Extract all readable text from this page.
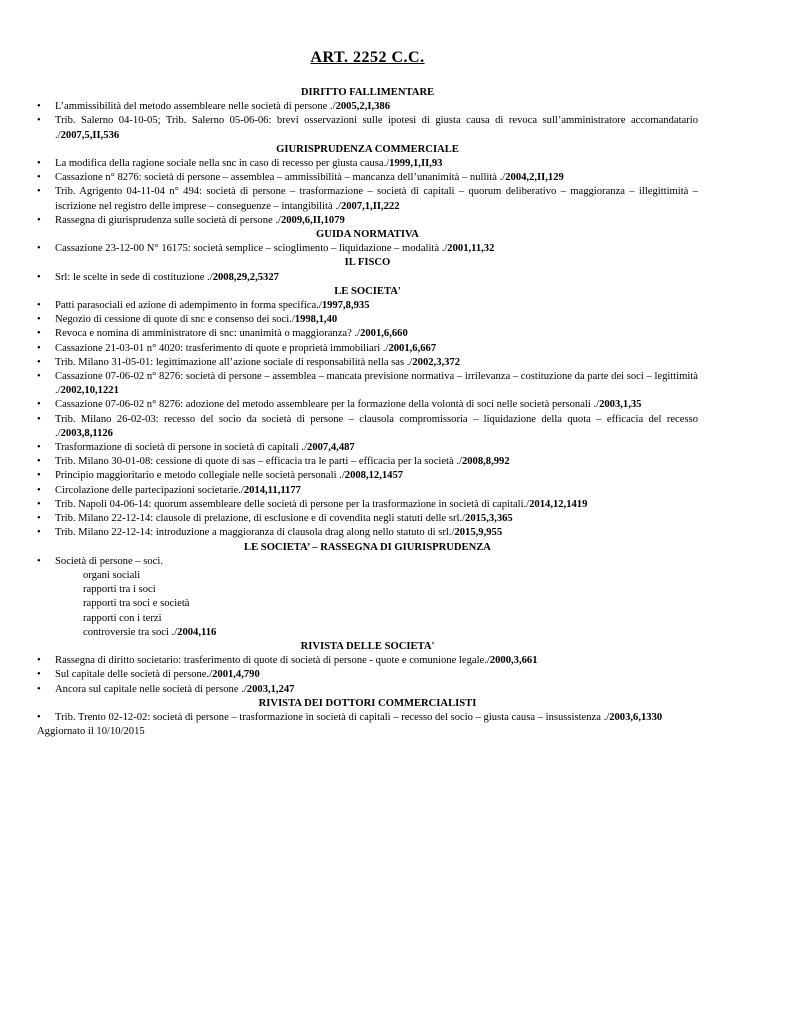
ART. 2252 C.C.
DIRITTO FALLIMENTARE
• L’ammissibilità del metodo assembleare nelle società di persone ./2005,2,I,386
• Trib. Salerno 04-10-05; Trib. Salerno 05-06-06: brevi osservazioni sulle ipotesi di giusta causa di revoca sull’amministratore accomandatario ./2007,5,II,536
GIURISPRUDENZA COMMERCIALE
• La modifica della ragione sociale nella snc in caso di recesso per giusta causa./1999,1,II,93
• Cassazione n° 8276: società di persone – assemblea – ammissibilità – mancanza dell’unanimità – nullità ./2004,2,II,129
• Trib. Agrigento 04-11-04 n° 494: società di persone – trasformazione – società di capitali – quorum deliberativo – maggioranza – illegittimità – iscrizione nel registro delle imprese – conseguenze – intangibilità ./2007,1,II,222
• Rassegna di giurisprudenza sulle società di persone ./2009,6,II,1079
GUIDA NORMATIVA
• Cassazione 23-12-00 N° 16175: società semplice – scioglimento – liquidazione – modalità ./2001,11,32
IL FISCO
• Srl: le scelte in sede di costituzione ./2008,29,2,5327
LE SOCIETA'
• Patti parasociali ed azione di adempimento in forma specifica./1997,8,935
• Negozio di cessione di quote di snc e consenso dei soci./1998,1,40
• Revoca e nomina di amministratore di snc: unanimità o maggioranza? ./2001,6,660
• Cassazione 21-03-01 n° 4020: trasferimento di quote e proprietà immobiliari ./2001,6,667
• Trib. Milano 31-05-01: legittimazione all’azione sociale di responsabilità nella sas ./2002,3,372
• Cassazione 07-06-02 n° 8276: società di persone – assemblea – mancata previsione normativa – irrilevanza – costituzione da parte dei soci – legittimità ./2002,10,1221
• Cassazione 07-06-02 n° 8276: adozione del metodo assembleare per la formazione della volontà di soci nelle società personali ./2003,1,35
• Trib. Milano 26-02-03: recesso del socio da società di persone – clausola compromissoria – liquidazione della quota – efficacia del recesso ./2003,8,1126
• Trasformazione di società di persone in società di capitali ./2007,4,487
• Trib. Milano 30-01-08: cessione di quote di sas – efficacia tra le parti – efficacia per la società ./2008,8,992
• Principio maggioritario e metodo collegiale nelle società personali ./2008,12,1457
• Circolazione delle partecipazioni societarie./2014,11,1177
• Trib. Napoli 04-06-14: quorum assembleare delle società di persone per la trasformazione in società di capitali./2014,12,1419
• Trib. Milano 22-12-14: clausole di prelazione, di esclusione e di covendita negli statuti delle srl./2015,3,365
• Trib. Milano 22-12-14: introduzione a maggioranza di clausola drag along nello statuto di srl./2015,9,955
LE SOCIETA’ – RASSEGNA DI GIURISPRUDENZA
• Società di persone – soci.
organi sociali
rapporti tra i soci
rapporti tra soci e società
rapporti con i terzi
controversie tra soci ./2004,116
RIVISTA DELLE SOCIETA'
• Rassegna di diritto societario: trasferimento di quote di società di persone - quote e comunione legale./2000,3,661
• Sul capitale delle società di persone./2001,4,790
• Ancora sul capitale nelle società di persone ./2003,1,247
RIVISTA DEI DOTTORI COMMERCIALISTI
• Trib. Trento 02-12-02: società di persone – trasformazione in società di capitali – recesso del socio – giusta causa – insussistenza ./2003,6,1330
Aggiornato il 10/10/2015
